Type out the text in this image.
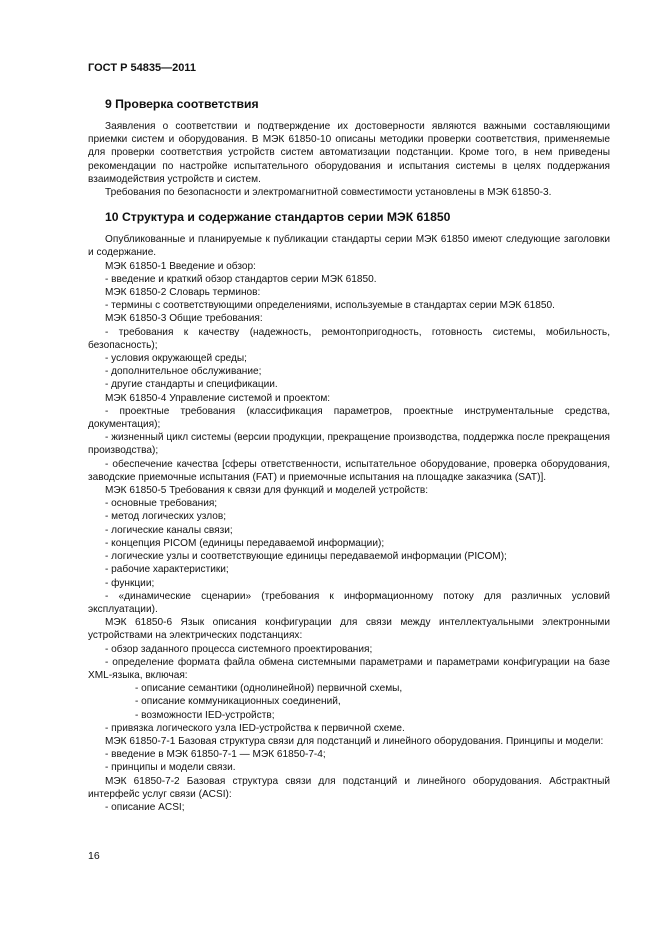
ГОСТ Р 54835—2011
9 Проверка соответствия

Заявления о соответствии и подтверждение их достоверности являются важными составляющими приемки систем и оборудования. В МЭК 61850-10 описаны методики проверки соответствия, применяемые для проверки соответствия устройств систем автоматизации подстанции. Кроме того, в нем приведены рекомендации по настройке испытательного оборудования и испытания системы в целях поддержания взаимодействия устройств и систем.

Требования по безопасности и электромагнитной совместимости установлены в МЭК 61850-3.

10 Структура и содержание стандартов серии МЭК 61850

Опубликованные и планируемые к публикации стандарты серии МЭК 61850 имеют следующие заголовки и содержание.

МЭК 61850-1 Введение и обзор:

- введение и краткий обзор стандартов серии МЭК 61850.

МЭК 61850-2 Словарь терминов:

- термины с соответствующими определениями, используемые в стандартах серии МЭК 61850.

МЭК 61850-3 Общие требования:

- требования к качеству (надежность, ремонтопригодность, готовность системы, мобильность, безопасность);

- условия окружающей среды;

- дополнительное обслуживание;

- другие стандарты и спецификации.

МЭК 61850-4 Управление системой и проектом:

- проектные требования (классификация параметров, проектные инструментальные средства, документация);

- жизненный цикл системы (версии продукции, прекращение производства, поддержка после прекращения производства);

- обеспечение качества [сферы ответственности, испытательное оборудование, проверка оборудования, заводские приемочные испытания (FAT) и приемочные испытания на площадке заказчика (SAT)].

МЭК 61850-5 Требования к связи для функций и моделей устройств:

- основные требования;

- метод логических узлов;

- логические каналы связи;

- концепция PICOM (единицы передаваемой информации);

- логические узлы и соответствующие единицы передаваемой информации (PICOM);

- рабочие характеристики;

- функции;

- «динамические сценарии» (требования к информационному потоку для различных условий эксплуатации).

МЭК 61850-6 Язык описания конфигурации для связи между интеллектуальными электронными устройствами на электрических подстанциях:

- обзор заданного процесса системного проектирования;

- определение формата файла обмена системными параметрами и параметрами конфигурации на базе XML-языка, включая:

- описание семантики (однолинейной) первичной схемы,

- описание коммуникационных соединений,

- возможности IED-устройств;

- привязка логического узла IED-устройства к первичной схеме.

МЭК 61850-7-1 Базовая структура связи для подстанций и линейного оборудования. Принципы и модели:

- введение в МЭК 61850-7-1 — МЭК 61850-7-4;

- принципы и модели связи.

МЭК 61850-7-2 Базовая структура связи для подстанций и линейного оборудования. Абстрактный интерфейс услуг связи (ACSI):

- описание ACSI;

16
